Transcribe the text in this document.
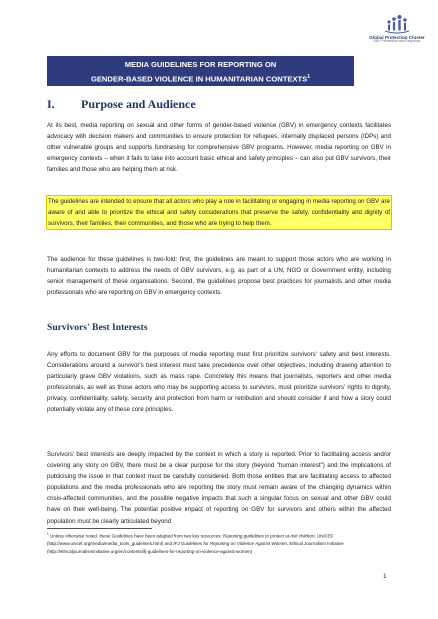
Global Protection Cluster
GBV Prevention and Response
MEDIA GUIDELINES FOR REPORTING ON
GENDER-BASED VIOLENCE IN HUMANITARIAN CONTEXTS$^1$
I. Purpose and Audience

At its best, media reporting on sexual and other forms of gender-based violence (GBV) in emergency contexts facilitates advocacy with decision makers and communities to ensure protection for refugees, internally displaced persons (IDPs) and other vulnerable groups and supports fundraising for comprehensive GBV programs. However, media reporting on GBV in emergency contexts – when it fails to take into account basic ethical and safety principles – can also put GBV survivors, their families and those who are helping them at risk.

The guidelines are intended to ensure that all actors who play a role in facilitating or engaging in media reporting on GBV are aware of and able to prioritize the ethical and safety considerations that preserve the safety, confidentiality and dignity of survivors, their families, their communities, and those who are trying to help them.

The audience for these guidelines is two-fold: first, the guidelines are meant to support those actors who are working in humanitarian contexts to address the needs of GBV survivors, e.g. as part of a UN, NGO or Government entity, including senior management of these organisations. Second, the guidelines propose best practices for journalists and other media professionals who are reporting on GBV in emergency contexts.

Survivors' Best Interests

Any efforts to document GBV for the purposes of media reporting must first prioritize survivors' safety and best interests. Considerations around a survivor's best interest must take precedence over other objectives, including drawing attention to particularly grave GBV violations, such as mass rape. Concretely this means that journalists, reporters and other media professionals, as well as those actors who may be supporting access to survivors, must prioritize survivors' rights to dignity, privacy, confidentiality, safety, security and protection from harm or retribution and should consider if and how a story could potentially violate any of these core principles.

Survivors' best interests are deeply impacted by the context in which a story is reported. Prior to facilitating access and/or covering any story on GBV, there must be a clear purpose for the story (beyond "human interest") and the implications of publicising the issue in that context must be carefully considered. Both those entities that are facilitating access to affected populations and the media professionals who are reporting the story must remain aware of the changing dynamics within crisis-affected communities, and the possible negative impacts that such a singular focus on sexual and other GBV could have on their well-being. The potential positive impact of reporting on GBV for survivors and others within the affected population must be clearly articulated beyond

$^1$ Unless otherwise noted, these Guidelines have been adapted from two key resources: Reporting guidelines to protect at-risk children, UNICEF (http://www.unicef.org/media/media_tools_guidelines.html) and IFJ Guidelines for Reporting on Violence Against Women, Ethical Journalism Initiative (http://ethicaljournalisminitiative.org/en/contents/ifj-guidelines-for-reporting-on-violence-against-women)
1
